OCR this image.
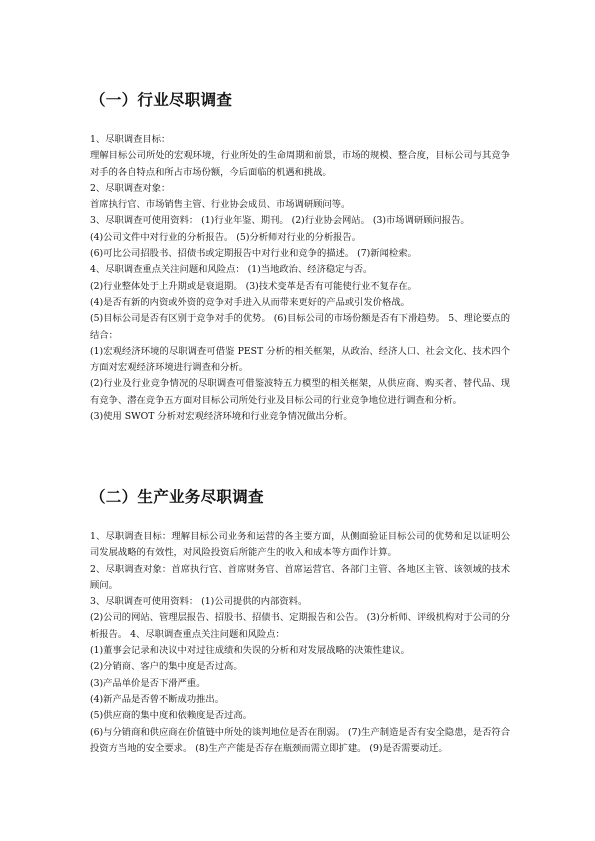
（一）行业尽职调查

1、尽职调查目标：

理解目标公司所处的宏观环境，行业所处的生命周期和前景，市场的规模、整合度，目标公司与其竞争对手的各自特点和所占市场份额，今后面临的机遇和挑战。

2、尽职调查对象：

首席执行官、市场销售主管、行业协会成员、市场调研顾问等。

3、尽职调查可使用资料： (1)行业年鉴、期刊。 (2)行业协会网站。 (3)市场调研顾问报告。

(4)公司文件中对行业的分析报告。 (5)分析师对行业的分析报告。

(6)可比公司招股书、招债书或定期报告中对行业和竞争的描述。 (7)新闻检索。

4、尽职调查重点关注问题和风险点： (1)当地政治、经济稳定与否。

(2)行业整体处于上升期或是衰退期。 (3)技术变革是否有可能使行业不复存在。

(4)是否有新的内资或外资的竞争对手进入从而带来更好的产品或引发价格战。

(5)目标公司是否有区别于竞争对手的优势。 (6)目标公司的市场份额是否有下滑趋势。 5、理论要点的结合：

(1)宏观经济环境的尽职调查可借鉴 PEST 分析的相关框架，从政治、经济人口、社会文化、技术四个方面对宏观经济环境进行调查和分析。

(2)行业及行业竞争情况的尽职调查可借鉴波特五力模型的相关框架，从供应商、购买者、替代品、现有竞争、潜在竞争五方面对目标公司所处行业及目标公司的行业竞争地位进行调查和分析。

(3)使用 SWOT 分析对宏观经济环境和行业竞争情况做出分析。

（二）生产业务尽职调查

1、尽职调查目标：理解目标公司业务和运营的各主要方面，从侧面验证目标公司的优势和足以证明公司发展战略的有效性，对风险投资后所能产生的收入和成本等方面作计算。

2、尽职调查对象：首席执行官、首席财务官、首席运营官、各部门主管、各地区主管、该领域的技术顾问。

3、尽职调查可使用资料： (1)公司提供的内部资料。

(2)公司的网站、管理层报告、招股书、招债书、定期报告和公告。 (3)分析师、评级机构对于公司的分析报告。 4、尽职调查重点关注问题和风险点：

(1)董事会记录和决议中对过往成绩和失误的分析和对发展战略的决策性建议。

(2)分销商、客户的集中度是否过高。

(3)产品单价是否下滑严重。

(4)新产品是否曾不断成功推出。

(5)供应商的集中度和依赖度是否过高。

(6)与分销商和供应商在价值链中所处的谈判地位是否在削弱。 (7)生产制造是否有安全隐患，是否符合投资方当地的安全要求。 (8)生产产能是否存在瓶颈而需立即扩建。 (9)是否需要动迁。
